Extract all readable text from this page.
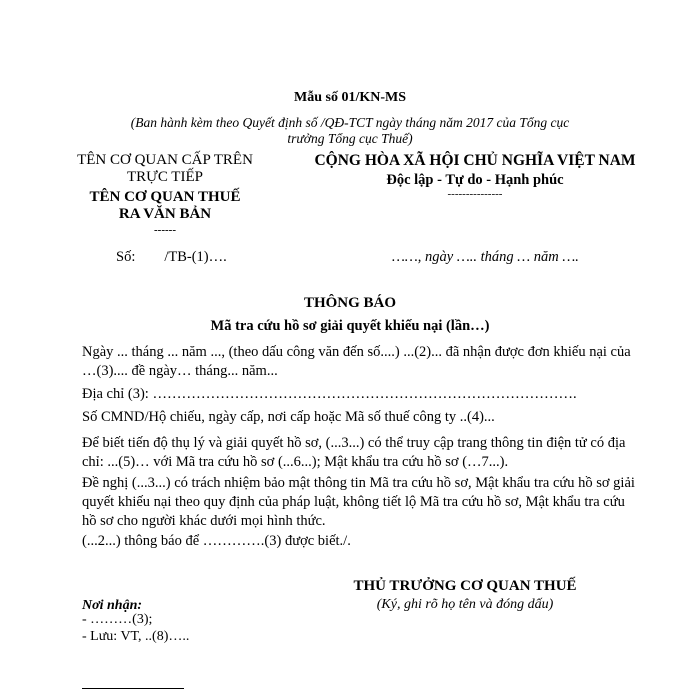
Mẫu số 01/KN-MS
(Ban hành kèm theo Quyết định số /QĐ-TCT ngày tháng năm 2017 của Tổng cục
trưởng Tổng cục Thuế)
TÊN CƠ QUAN CẤP TRÊN
TRỰC TIẾP
TÊN CƠ QUAN THUẾ
RA VĂN BẢN
------
CỘNG HÒA XÃ HỘI CHỦ NGHĨA VIỆT NAM
Độc lập - Tự do - Hạnh phúc
---------------
Số:        /TB-(1)….	……, ngày ….. tháng … năm ….
THÔNG BÁO
Mã tra cứu hồ sơ giải quyết khiếu nại (lần…)
Ngày ... tháng ... năm ..., (theo dấu công văn đến số....) ...(2)... đã nhận được đơn khiếu nại của …(3).... đề ngày… tháng... năm...
Địa chỉ (3): …………………………………………………………………………….
Số CMND/Hộ chiếu, ngày cấp, nơi cấp hoặc Mã số thuế công ty ..(4)...
Để biết tiến độ thụ lý và giải quyết hồ sơ, (...3...) có thể truy cập trang thông tin điện tử có địa chỉ: ...(5)… với Mã tra cứu hồ sơ (...6...); Mật khẩu tra cứu hồ sơ (…7...).
Đề nghị (...3...) có trách nhiệm bảo mật thông tin Mã tra cứu hồ sơ, Mật khẩu tra cứu hồ sơ giải quyết khiếu nại theo quy định của pháp luật, không tiết lộ Mã tra cứu hồ sơ, Mật khẩu tra cứu hồ sơ cho người khác dưới mọi hình thức.
(...2...) thông báo để ………….(3) được biết./.
THỦ TRƯỞNG CƠ QUAN THUẾ
(Ký, ghi rõ họ tên và đóng dấu)
Nơi nhận:
- ………(3);
- Lưu: VT, ..(8)…..
